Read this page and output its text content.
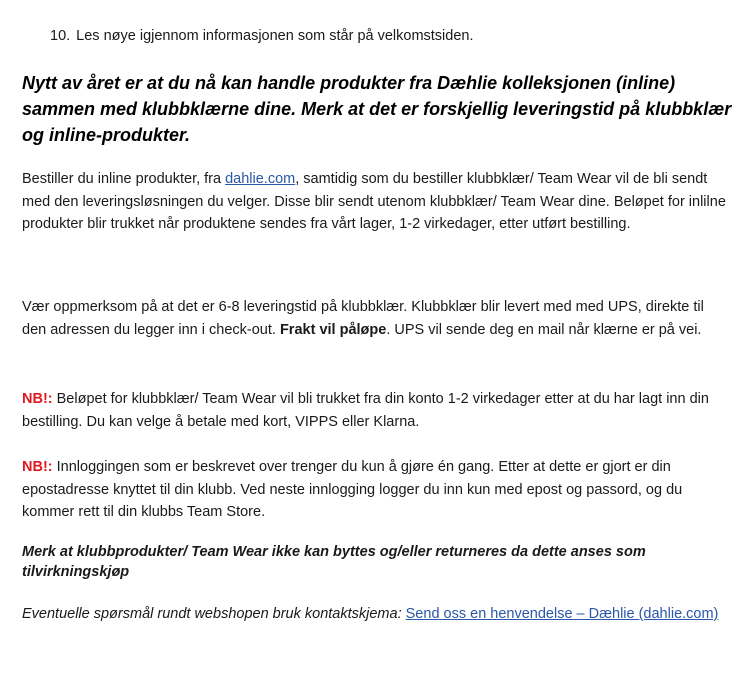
10. Les nøye igjennom informasjonen som står på velkomstsiden.
Nytt av året er at du nå kan handle produkter fra Dæhlie kolleksjonen (inline) sammen med klubbklærne dine. Merk at det er forskjellig leveringstid på klubbklær og inline-produkter.
Bestiller du inline produkter, fra dahlie.com, samtidig som du bestiller klubbklær/ Team Wear vil de bli sendt med den leveringsløsningen du velger. Disse blir sendt utenom klubbklær/ Team Wear dine. Beløpet for inlilne produkter blir trukket når produktene sendes fra vårt lager, 1-2 virkedager, etter utført bestilling.
Vær oppmerksom på at det er 6-8 leveringstid på klubbklær. Klubbklær blir levert med med UPS, direkte til den adressen du legger inn i check-out. Frakt vil påløpe. UPS vil sende deg en mail når klærne er på vei.
NB!: Beløpet for klubbklær/ Team Wear vil bli trukket fra din konto 1-2 virkedager etter at du har lagt inn din bestilling. Du kan velge å betale med kort, VIPPS eller Klarna.
NB!: Innloggingen som er beskrevet over trenger du kun å gjøre én gang. Etter at dette er gjort er din epostadresse knyttet til din klubb. Ved neste innlogging logger du inn kun med epost og passord, og du kommer rett til din klubbs Team Store.
Merk at klubbprodukter/ Team Wear ikke kan byttes og/eller returneres da dette anses som tilvirkningskjøp
Eventuelle spørsmål rundt webshopen bruk kontaktskjema: Send oss en henvendelse – Dæhlie (dahlie.com)
